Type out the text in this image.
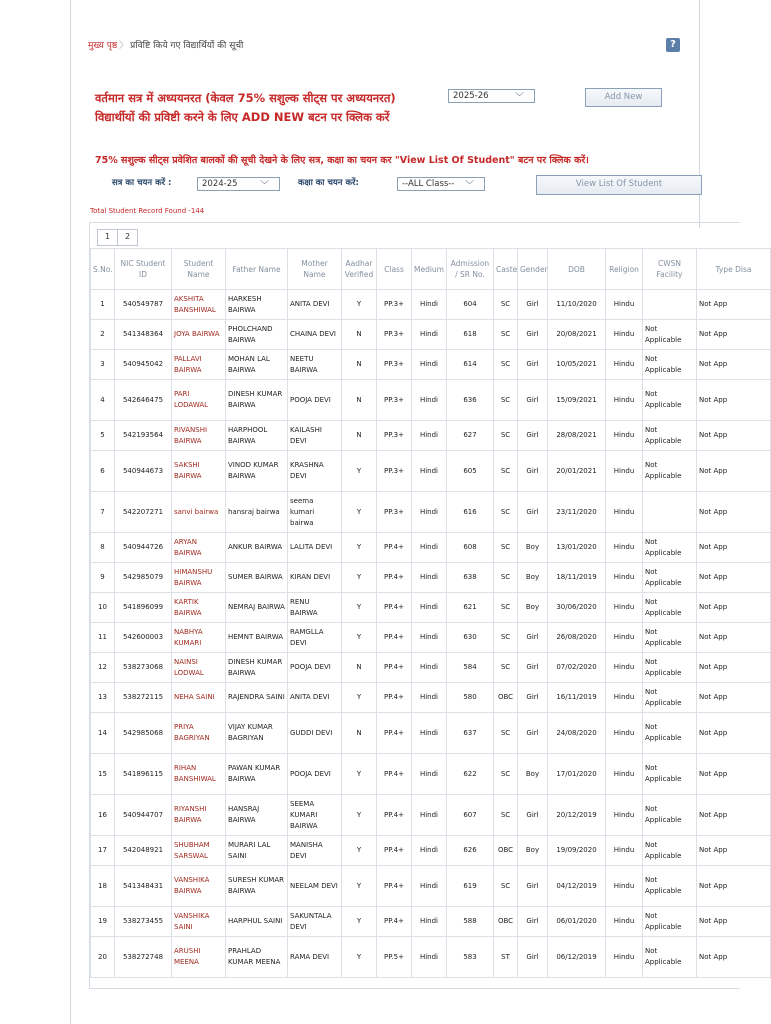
मुख्य पृष्ठ 〉 प्रविष्टि किये गए विद्यार्थियों की सूची	?
वर्तमान सत्र में अध्ययनरत (केवल 75% सशुल्क सीट्स पर अध्ययनरत)
विद्यार्थीयों की प्रविष्टी करने के लिए ADD NEW बटन पर क्लिक करें
2025-26	﹀	Add New
75% सशुल्क सीट्स प्रवेशित बालकों की सूची देखने के लिए सत्र, कक्षा का चयन कर "View List Of Student" बटन पर क्लिक करें।
सत्र का चयन करें :	2024-25 ﹀	कक्षा का चयन करें:	--ALL Class-- ﹀	View List Of Student
Total Student Record Found -144
1	2
S.No.	NIC Student ID	Student Name	Father Name	Mother Name	Aadhar Verified	Class	Medium	Admission / SR No.	Caste	Gender	DOB	Religion	CWSN Facility	Type Disa
1	540549787	AKSHITA BANSHIWAL	HARKESH BAIRWA	ANITA DEVI	Y	PP.3+	Hindi	604	SC	Girl	11/10/2020	Hindu		Not App
2	541348364	JOYA BAIRWA	PHOLCHAND BAIRWA	CHAINA DEVI	N	PP.3+	Hindi	618	SC	Girl	20/08/2021	Hindu	Not Applicable	Not App
3	540945042	PALLAVI BAIRWA	MOHAN LAL BAIRWA	NEETU BAIRWA	N	PP.3+	Hindi	614	SC	Girl	10/05/2021	Hindu	Not Applicable	Not App
4	542646475	PARI LODAWAL	DINESH KUMAR BAIRWA	POOJA DEVI	N	PP.3+	Hindi	636	SC	Girl	15/09/2021	Hindu	Not Applicable	Not App
5	542193564	RIVANSHI BAIRWA	HARPHOOL BAIRWA	KAILASHI DEVI	N	PP.3+	Hindi	627	SC	Girl	28/08/2021	Hindu	Not Applicable	Not App
6	540944673	SAKSHI BAIRWA	VINOD KUMAR BAIRWA	KRASHNA DEVI	Y	PP.3+	Hindi	605	SC	Girl	20/01/2021	Hindu	Not Applicable	Not App
7	542207271	sanvi bairwa	hansraj bairwa	seema kumari bairwa	Y	PP.3+	Hindi	616	SC	Girl	23/11/2020	Hindu		Not App
8	540944726	ARYAN BAIRWA	ANKUR BAIRWA	LALITA DEVI	Y	PP.4+	Hindi	608	SC	Boy	13/01/2020	Hindu	Not Applicable	Not App
9	542985079	HIMANSHU BAIRWA	SUMER BAIRWA	KIRAN DEVI	Y	PP.4+	Hindi	638	SC	Boy	18/11/2019	Hindu	Not Applicable	Not App
10	541896099	KARTIK BAIRWA	NEMRAJ BAIRWA	RENU BAIRWA	Y	PP.4+	Hindi	621	SC	Boy	30/06/2020	Hindu	Not Applicable	Not App
11	542600003	NABHYA KUMARI	HEMNT BAIRWA	RAMGLLA DEVI	Y	PP.4+	Hindi	630	SC	Girl	26/08/2020	Hindu	Not Applicable	Not App
12	538273068	NAINSI LODWAL	DINESH KUMAR BAIRWA	POOJA DEVI	N	PP.4+	Hindi	584	SC	Girl	07/02/2020	Hindu	Not Applicable	Not App
13	538272115	NEHA SAINI	RAJENDRA SAINI	ANITA DEVI	Y	PP.4+	Hindi	580	OBC	Girl	16/11/2019	Hindu	Not Applicable	Not App
14	542985068	PRIYA BAGRIYAN	VIJAY KUMAR BAGRIYAN	GUDDI DEVI	N	PP.4+	Hindi	637	SC	Girl	24/08/2020	Hindu	Not Applicable	Not App
15	541896115	RIHAN BANSHIWAL	PAWAN KUMAR BAIRWA	POOJA DEVI	Y	PP.4+	Hindi	622	SC	Boy	17/01/2020	Hindu	Not Applicable	Not App
16	540944707	RIYANSHI BAIRWA	HANSRAJ BAIRWA	SEEMA KUMARI BAIRWA	Y	PP.4+	Hindi	607	SC	Girl	20/12/2019	Hindu	Not Applicable	Not App
17	542048921	SHUBHAM SARSWAL	MURARI LAL SAINI	MANISHA DEVI	Y	PP.4+	Hindi	626	OBC	Boy	19/09/2020	Hindu	Not Applicable	Not App
18	541348431	VANSHIKA BAIRWA	SURESH KUMAR BAIRWA	NEELAM DEVI	Y	PP.4+	Hindi	619	SC	Girl	04/12/2019	Hindu	Not Applicable	Not App
19	538273455	VANSHIKA SAINI	HARPHUL SAINI	SAKUNTALA DEVI	Y	PP.4+	Hindi	588	OBC	Girl	06/01/2020	Hindu	Not Applicable	Not App
20	538272748	ARUSHI MEENA	PRAHLAD KUMAR MEENA	RAMA DEVI	Y	PP.5+	Hindi	583	ST	Girl	06/12/2019	Hindu	Not Applicable	Not App
